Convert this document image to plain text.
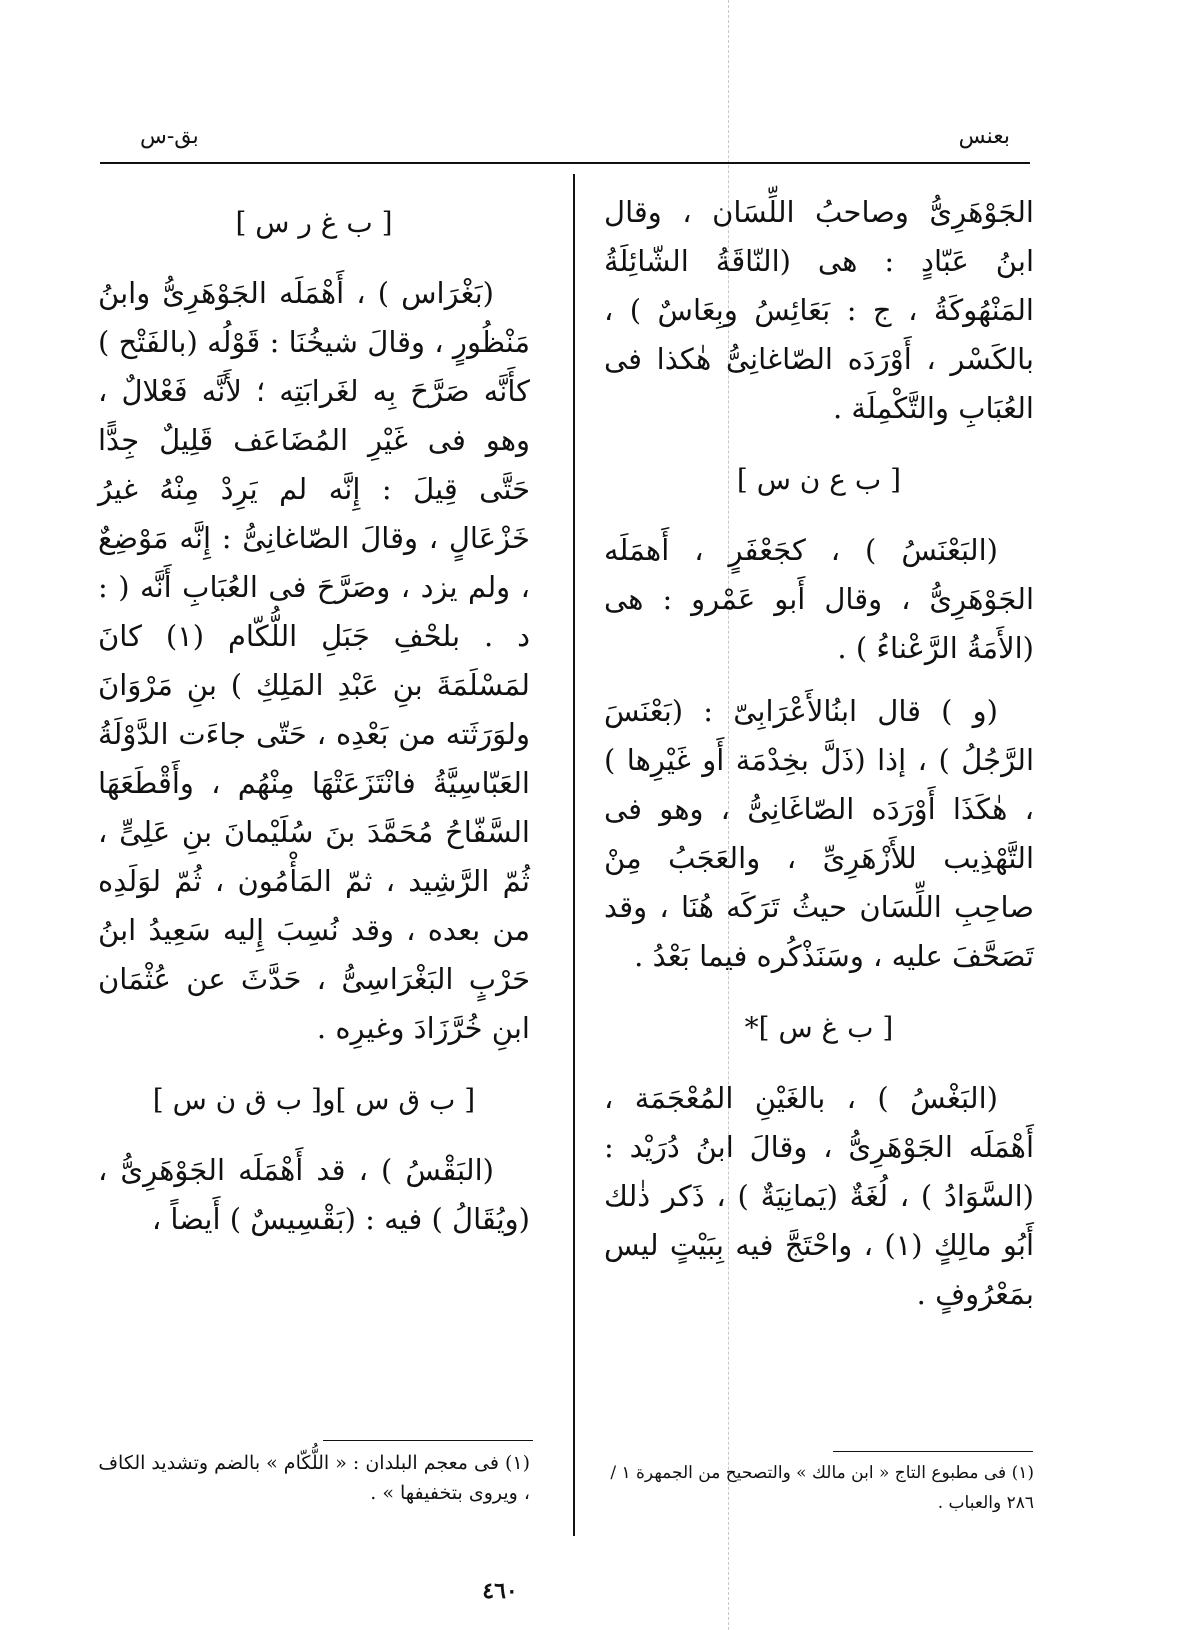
بعنس
بق-س

الجَوْهَرِىُّ وصاحبُ اللِّسَان ، وقال ابنُ عَبّادٍ : هى (النّاقَةُ الشّائِلَةُ المَنْهُوكَةُ ، ج : بَعَائِسُ وبِعَاسٌ ) ، بالكَسْر ، أَوْرَدَه الصّاغانِىُّ هٰكذا فى العُبَابِ والتَّكْمِلَة .

[ ب ع ن س ]

(البَعْنَسُ ) ، كجَعْفَرٍ ، أَهمَلَه الجَوْهَرِىُّ ، وقال أَبو عَمْرو : هى (الأَمَةُ الرَّعْناءُ ) .

(و ) قال ابنُالأَعْرَابِىّ : (بَعْنَسَ الرَّجُلُ ) ، إذا (ذَلَّ بخِدْمَة أَو غَيْرِها ) ، هٰكَذَا أَوْرَدَه الصّاغَانِىُّ ، وهو فى التَّهْذِيب للأَزْهَرِىِّ ، والعَجَبُ مِنْ صاحِبِ اللِّسَان حيثُ تَرَكَه هُنَا ، وقد تَصَحَّفَ عليه ، وسَنَذْكُره فيما بَعْدُ .

[ ب غ س ]*

(البَغْسُ ) ، بالغَيْنِ المُعْجَمَة ، أَهْمَلَه الجَوْهَرِىُّ ، وقالَ ابنُ دُرَيْد : (السَّوَادُ ) ، لُغَةٌ (يَمانِيَةٌ ) ، ذَكر ذٰلك أَبُو مالِكٍ (١) ، واحْتَجَّ فيه بِبَيْتٍ ليس بمَعْرُوفٍ .

[ ب غ ر س ]

(بَغْرَاس ) ، أَهْمَلَه الجَوْهَرِىُّ وابنُ مَنْظُورٍ ، وقالَ شيخُنَا : قَوْلُه (بالفَتْح ) كأَنَّه صَرَّحَ بِه لغَرابَتِه ؛ لأَنَّه فَعْلالٌ ، وهو فى غَيْرِ المُضَاعَف قَلِيلٌ جِدًّا حَتَّى قِيلَ : إِنَّه لم يَرِدْ مِنْهُ غيرُ خَزْعَالٍ ، وقالَ الصّاغانِىُّ : إِنَّه مَوْضِعٌ ، ولم يزد ، وصَرَّحَ فى العُبَابِ أَنَّه ( : د . بلحْفِ جَبَلِ اللُّكّام (١) كانَ لمَسْلَمَةَ بنِ عَبْدِ المَلِكِ ) بنِ مَرْوَانَ ولوَرَثَته من بَعْدِه ، حَتّى جاءَت الدَّوْلَةُ العَبّاسِيَّةُ فانْتَزَعَتْهَا مِنْهُم ، وأَقْطَعَهَا السَّفّاحُ مُحَمَّدَ بنَ سُلَيْمانَ بنِ عَلِىٍّ ، ثُمّ الرَّشِيد ، ثمّ المَأْمُون ، ثُمّ لوَلَدِه من بعده ، وقد نُسِبَ إِليه سَعِيدُ ابنُ حَرْبٍ البَغْرَاسِىُّ ، حَدَّثَ عن عُثْمَان ابنِ خُرَّزَادَ وغيرِه .

[ ب ق س ]و[ ب ق ن س ]

(البَقْسُ ) ، قد أَهْمَلَه الجَوْهَرِىُّ ، (ويُقَالُ ) فيه : (بَقْسِيسٌ ) أَيضاً ،

(١) فى مطبوع التاج « ابن مالك » والتصحيح من الجمهرة ١ /٢٨٦ والعباب .
(١) فى معجم البلدان : « اللُّكّام » بالضم وتشديد الكاف ، ويروى بتخفيفها » .
٤٦٠
